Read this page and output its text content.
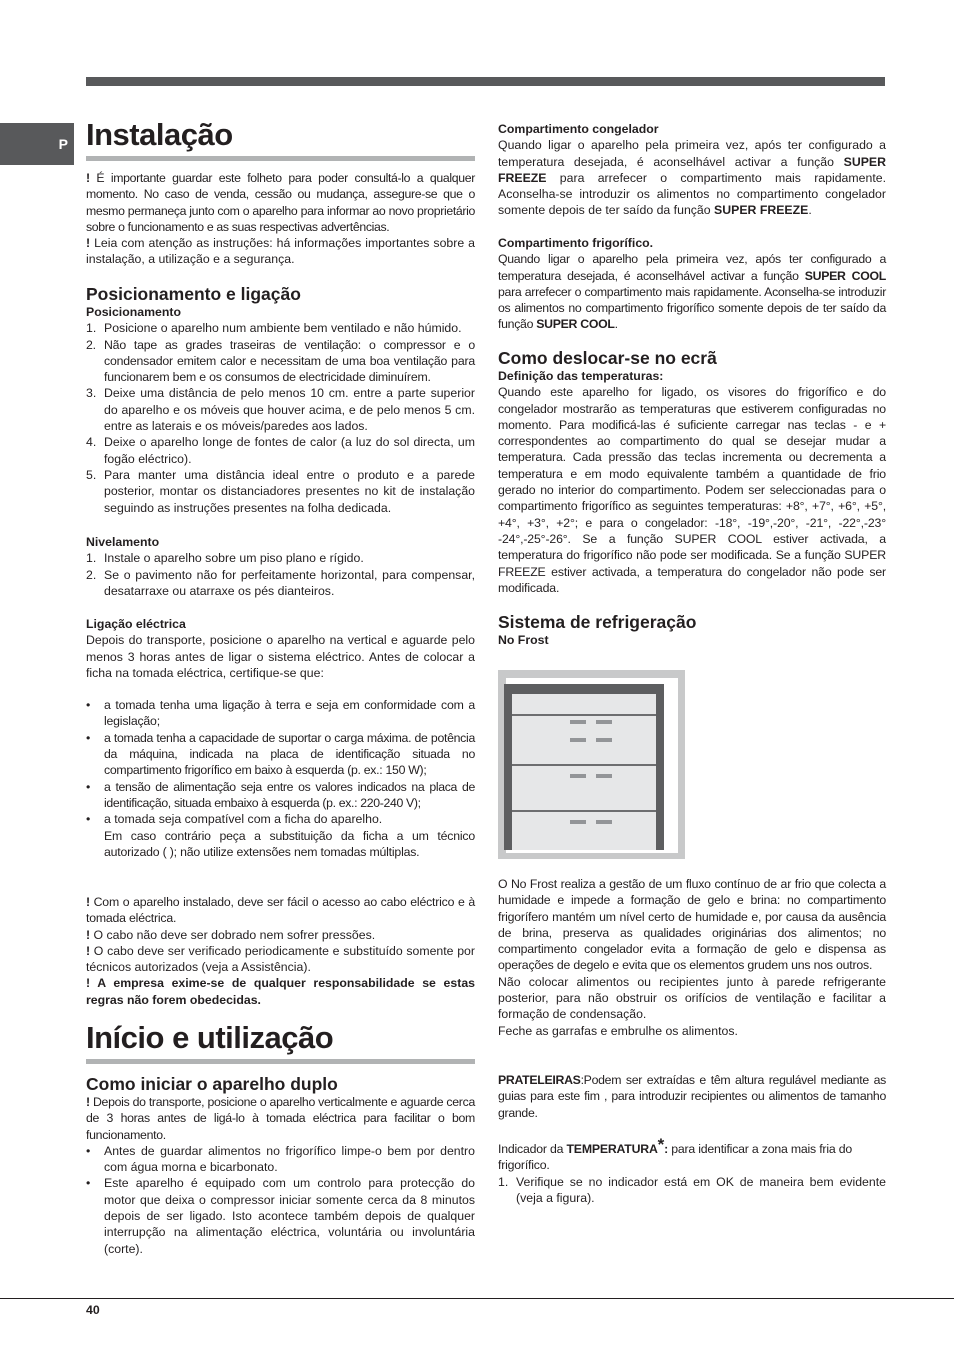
P Instalação

! É importante guardar este folheto para poder consultá-lo a qualquer momento. No caso de venda, cessão ou mudança, assegure-se que o mesmo permaneça junto com o aparelho para informar ao novo proprietário sobre o funcionamento e as suas respectivas advertências.

! Leia com atenção as instruções: há informações importantes sobre a instalação, a utilização e a segurança.

Posicionamento e ligação
Posicionamento
1. Posicione o aparelho num ambiente bem ventilado e não húmido.
2. Não tape as grades traseiras de ventilação: o compressor e o condensador emitem calor e necessitam de uma boa ventilação para funcionarem bem e os consumos de electricidade diminuírem.
3. Deixe uma distância de pelo menos 10 cm. entre a parte superior do aparelho e os móveis que houver acima, e de pelo menos 5 cm. entre as laterais e os móveis/paredes aos lados.
4. Deixe o aparelho longe de fontes de calor (a luz do sol directa, um fogão eléctrico).
5. Para manter uma distância ideal entre o produto e a parede posterior, montar os distanciadores presentes no kit de instalação seguindo as instruções presentes na folha dedicada.
Nivelamento
1. Instale o aparelho sobre um piso plano e rígido.
2. Se o pavimento não for perfeitamente horizontal, para compensar, desatarraxe ou atarraxe os pés dianteiros.
Ligação eléctrica

Depois do transporte, posicione o aparelho na vertical e aguarde pelo menos 3 horas antes de ligar o sistema eléctrico. Antes de colocar a ficha na tomada eléctrica, certifique-se que:

• a tomada tenha uma ligação à terra e seja em conformidade com a legislação;
• a tomada tenha a capacidade de suportar o carga máxima. de potência da máquina, indicada na placa de identificação situada no compartimento frigorífico em baixo à esquerda (p. ex.: 150 W);
• a tensão de alimentação seja entre os valores indicados na placa de identificação, situada embaixo à esquerda (p. ex.: 220-240 V);
• a tomada seja compatível com a ficha do aparelho.
Em caso contrário peça a substituição da ficha a um técnico autorizado ( ); não utilize extensões nem tomadas múltiplas.

! Com o aparelho instalado, deve ser fácil o acesso ao cabo eléctrico e à tomada eléctrica.

! O cabo não deve ser dobrado nem sofrer pressões.

! O cabo deve ser verificado periodicamente e substituído somente por técnicos autorizados (veja a Assistência).

! A empresa exime-se de qualquer responsabilidade se estas regras não forem obedecidas.

Início e utilização
Como iniciar o aparelho duplo

! Depois do transporte, posicione o aparelho verticalmente e aguarde cerca de 3 horas antes de ligá-lo à tomada eléctrica para facilitar o bom funcionamento.

• Antes de guardar alimentos no frigorífico limpe-o bem por dentro com água morna e bicarbonato.
• Este aparelho é equipado com um controlo para protecção do motor que deixa o compressor iniciar somente cerca da 8 minutos depois de ser ligado. Isto acontece também depois de qualquer interrupção na alimentação eléctrica, voluntária ou involuntária (corte).
Compartimento congelador

Quando ligar o aparelho pela primeira vez, após ter configurado a temperatura desejada, é aconselhável activar a função SUPER FREEZE para arrefecer o compartimento mais rapidamente. Aconselha-se introduzir os alimentos no compartimento congelador somente depois de ter saído da função SUPER FREEZE.

Compartimento frigorífico.

Quando ligar o aparelho pela primeira vez, após ter configurado a temperatura desejada, é aconselhável activar a função SUPER COOL para arrefecer o compartimento mais rapidamente. Aconselha-se introduzir os alimentos no compartimento frigorífico somente depois de ter saído da função SUPER COOL.

Como deslocar-se no ecrã
Definição das temperaturas:

Quando este aparelho for ligado, os visores do frigorífico e do congelador mostrarão as temperaturas que estiverem configuradas no momento. Para modificá-las é suficiente carregar nas teclas - e + correspondentes ao compartimento do qual se desejar mudar a temperatura. Cada pressão das teclas incrementa ou decrementa a temperatura e em modo equivalente também a quantidade de frio gerado no interior do compartimento. Podem ser seleccionadas para o compartimento frigorífico as seguintes temperaturas: +8°, +7°, +6°, +5°, +4°, +3°, +2°; e para o congelador: -18°, -19°,-20°, -21°, -22°,-23° -24°,-25°-26°. Se a função SUPER COOL estiver activada, a temperatura do frigorífico não pode ser modificada. Se a função SUPER FREEZE estiver activada, a temperatura do congelador não pode ser modificada.

Sistema de refrigeração
No Frost

O No Frost realiza a gestão de um fluxo contínuo de ar frio que colecta a humidade e impede a formação de gelo e brina: no compartimento frigorífero mantém um nível certo de humidade e, por causa da ausência de brina, preserva as qualidades originárias dos alimentos; no compartimento congelador evita a formação de gelo e dispensa as operações de degelo e evita que os elementos grudem uns nos outros.

Não colocar alimentos ou recipientes junto à parede refrigerante posterior, para não obstruir os orifícios de ventilação e facilitar a formação de condensação.

Feche as garrafas e embrulhe os alimentos.

PRATELEIRAS:Podem ser extraídas e têm altura regulável mediante as guias para este fim , para introduzir recipientes ou alimentos de tamanho grande.

Indicador da TEMPERATURA*: para identificar a zona mais fria do frigorífico.

1. Verifique se no indicador está em OK de maneira bem evidente (veja a figura).
40
